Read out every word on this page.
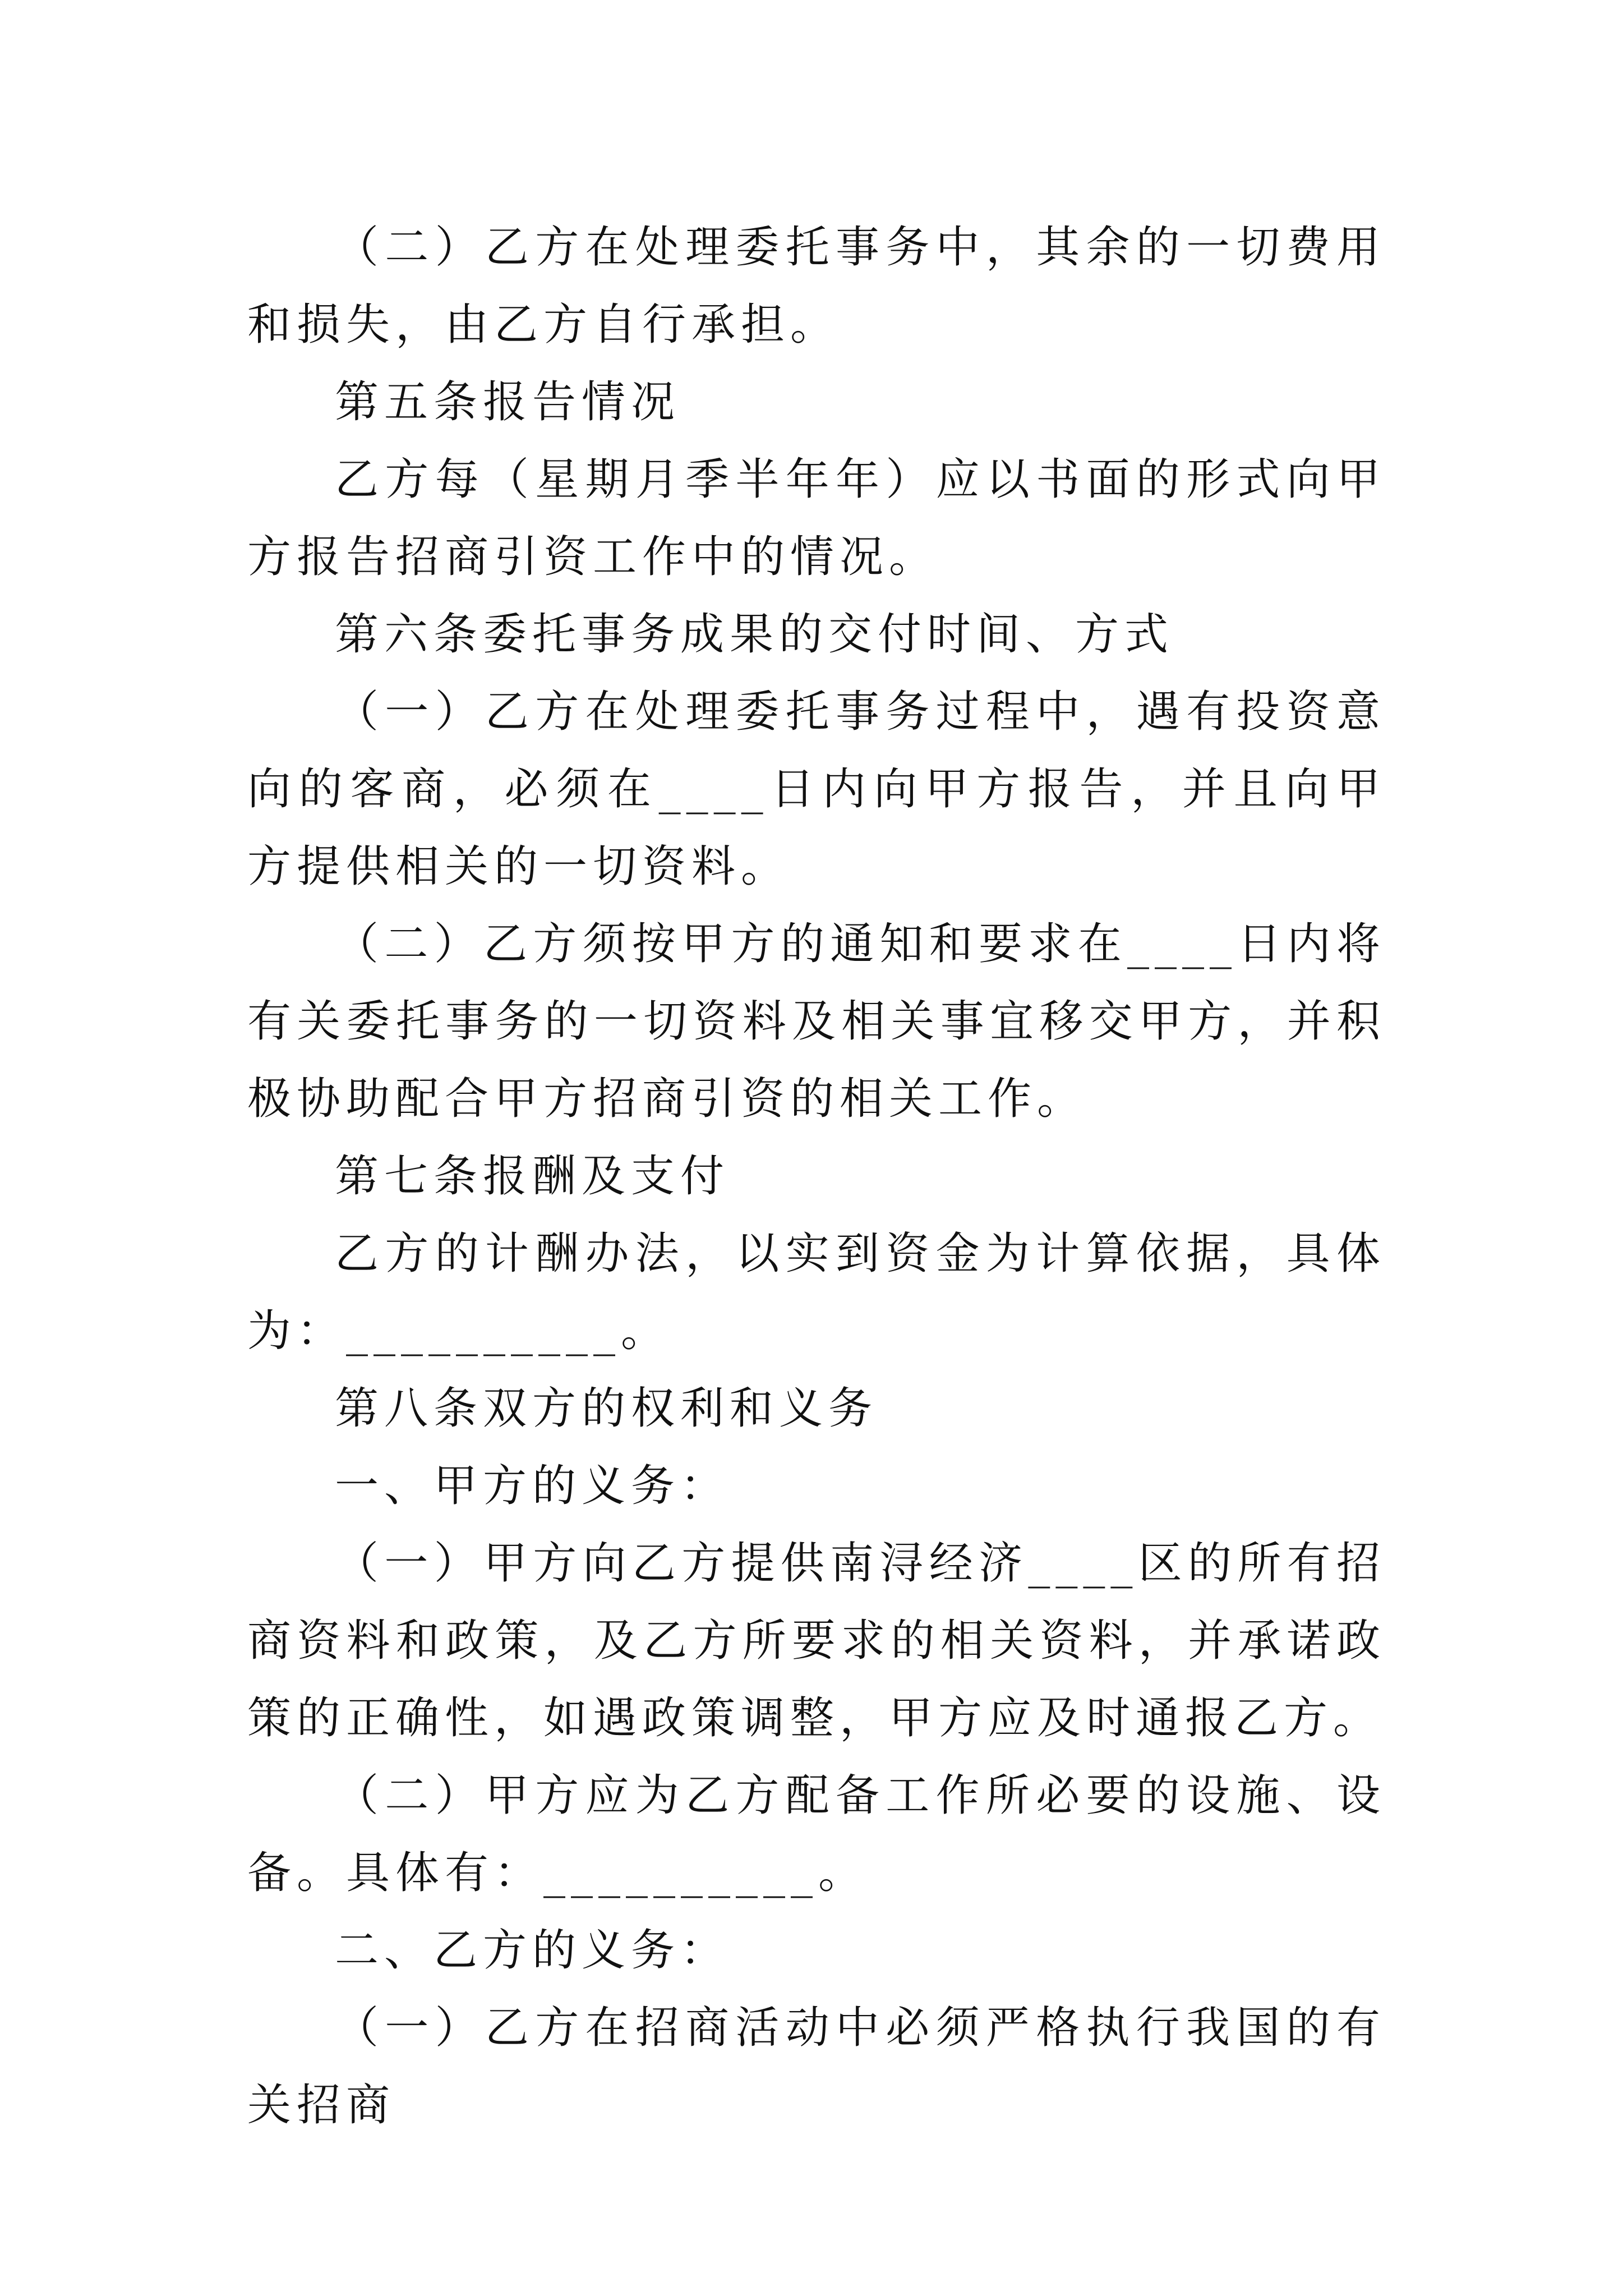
（二）乙方在处理委托事务中，其余的一切费用和损失，由乙方自行承担。

第五条报告情况

乙方每（星期月季半年年）应以书面的形式向甲方报告招商引资工作中的情况。

第六条委托事务成果的交付时间、方式

（一）乙方在处理委托事务过程中，遇有投资意向的客商，必须在____日内向甲方报告，并且向甲方提供相关的一切资料。

（二）乙方须按甲方的通知和要求在____日内将有关委托事务的一切资料及相关事宜移交甲方，并积极协助配合甲方招商引资的相关工作。

第七条报酬及支付

乙方的计酬办法，以实到资金为计算依据，具体为：__________。

第八条双方的权利和义务

一、甲方的义务：

（一）甲方向乙方提供南浔经济____区的所有招商资料和政策，及乙方所要求的相关资料，并承诺政策的正确性，如遇政策调整，甲方应及时通报乙方。

（二）甲方应为乙方配备工作所必要的设施、设备。具体有：__________。

二、乙方的义务：

（一）乙方在招商活动中必须严格执行我国的有关招商
